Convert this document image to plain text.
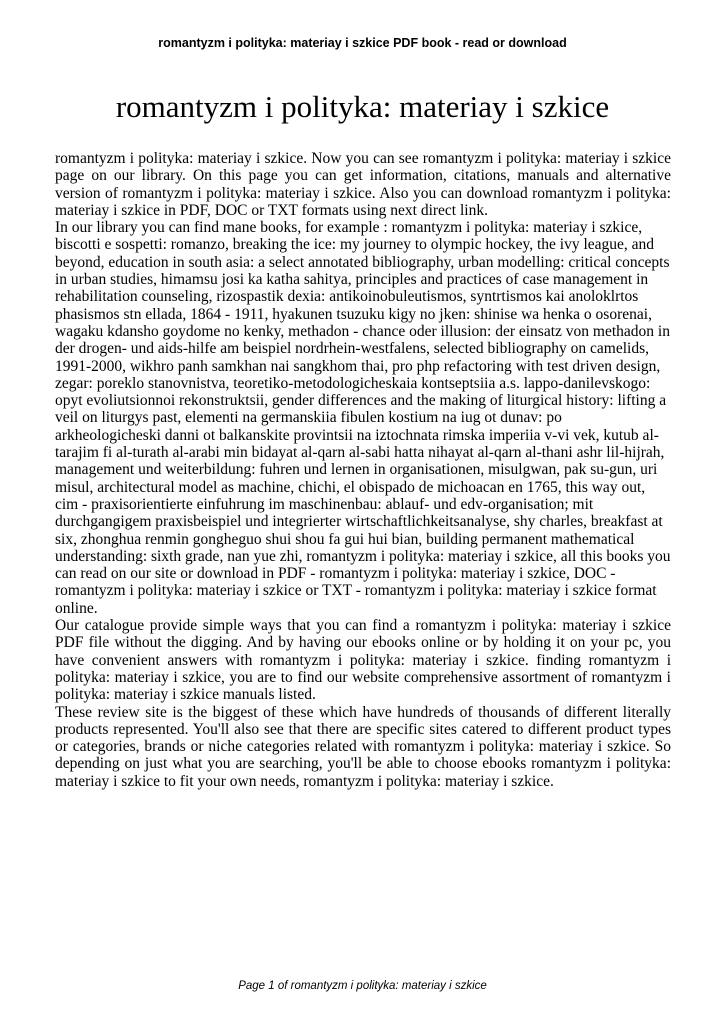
romantyzm i polityka: materiay i szkice PDF book - read or download
romantyzm i polityka: materiay i szkice

romantyzm i polityka: materiay i szkice. Now you can see romantyzm i polityka: materiay i szkice page on our library. On this page you can get information, citations, manuals and alternative version of romantyzm i polityka: materiay i szkice. Also you can download romantyzm i polityka: materiay i szkice in PDF, DOC or TXT formats using next direct link.

In our library you can find mane books, for example : romantyzm i polityka: materiay i szkice, biscotti e sospetti: romanzo, breaking the ice: my journey to olympic hockey, the ivy league, and beyond, education in south asia: a select annotated bibliography, urban modelling: critical concepts in urban studies, himamsu josi ka katha sahitya, principles and practices of case management in rehabilitation counseling, rizospastik dexia: antikoinobuleutismos, syntrtismos kai anoloklrtos phasismos stn ellada, 1864 - 1911, hyakunen tsuzuku kigy no jken: shinise wa henka o osorenai, wagaku kdansho goydome no kenky, methadon - chance oder illusion: der einsatz von methadon in der drogen- und aids-hilfe am beispiel nordrhein-westfalens, selected bibliography on camelids, 1991-2000, wikhro panh samkhan nai sangkhom thai, pro php refactoring with test driven design, zegar: poreklo stanovnistva, teoretiko-metodologicheskaia kontseptsiia a.s. lappo-danilevskogo: opyt evoliutsionnoi rekonstruktsii, gender differences and the making of liturgical history: lifting a veil on liturgys past, elementi na germanskiia fibulen kostium na iug ot dunav: po arkheologicheski danni ot balkanskite provintsii na iztochnata rimska imperiia v-vi vek, kutub al-tarajim fi al-turath al-arabi min bidayat al-qarn al-sabi hatta nihayat al-qarn al-thani ashr lil-hijrah, management und weiterbildung: fuhren und lernen in organisationen, misulgwan, pak su-gun, uri misul, architectural model as machine, chichi, el obispado de michoacan en 1765, this way out, cim - praxisorientierte einfuhrung im maschinenbau: ablauf- und edv-organisation; mit durchgangigem praxisbeispiel und integrierter wirtschaftlichkeitsanalyse, shy charles, breakfast at six, zhonghua renmin gongheguo shui shou fa gui hui bian, building permanent mathematical understanding: sixth grade, nan yue zhi, romantyzm i polityka: materiay i szkice, all this books you can read on our site or download in PDF - romantyzm i polityka: materiay i szkice, DOC - romantyzm i polityka: materiay i szkice or TXT - romantyzm i polityka: materiay i szkice format online.

Our catalogue provide simple ways that you can find a romantyzm i polityka: materiay i szkice PDF file without the digging. And by having our ebooks online or by holding it on your pc, you have convenient answers with romantyzm i polityka: materiay i szkice. finding romantyzm i polityka: materiay i szkice, you are to find our website comprehensive assortment of romantyzm i polityka: materiay i szkice manuals listed.

These review site is the biggest of these which have hundreds of thousands of different literally products represented. You'll also see that there are specific sites catered to different product types or categories, brands or niche categories related with romantyzm i polityka: materiay i szkice. So depending on just what you are searching, you'll be able to choose ebooks romantyzm i polityka: materiay i szkice to fit your own needs, romantyzm i polityka: materiay i szkice.

Page 1 of romantyzm i polityka: materiay i szkice
